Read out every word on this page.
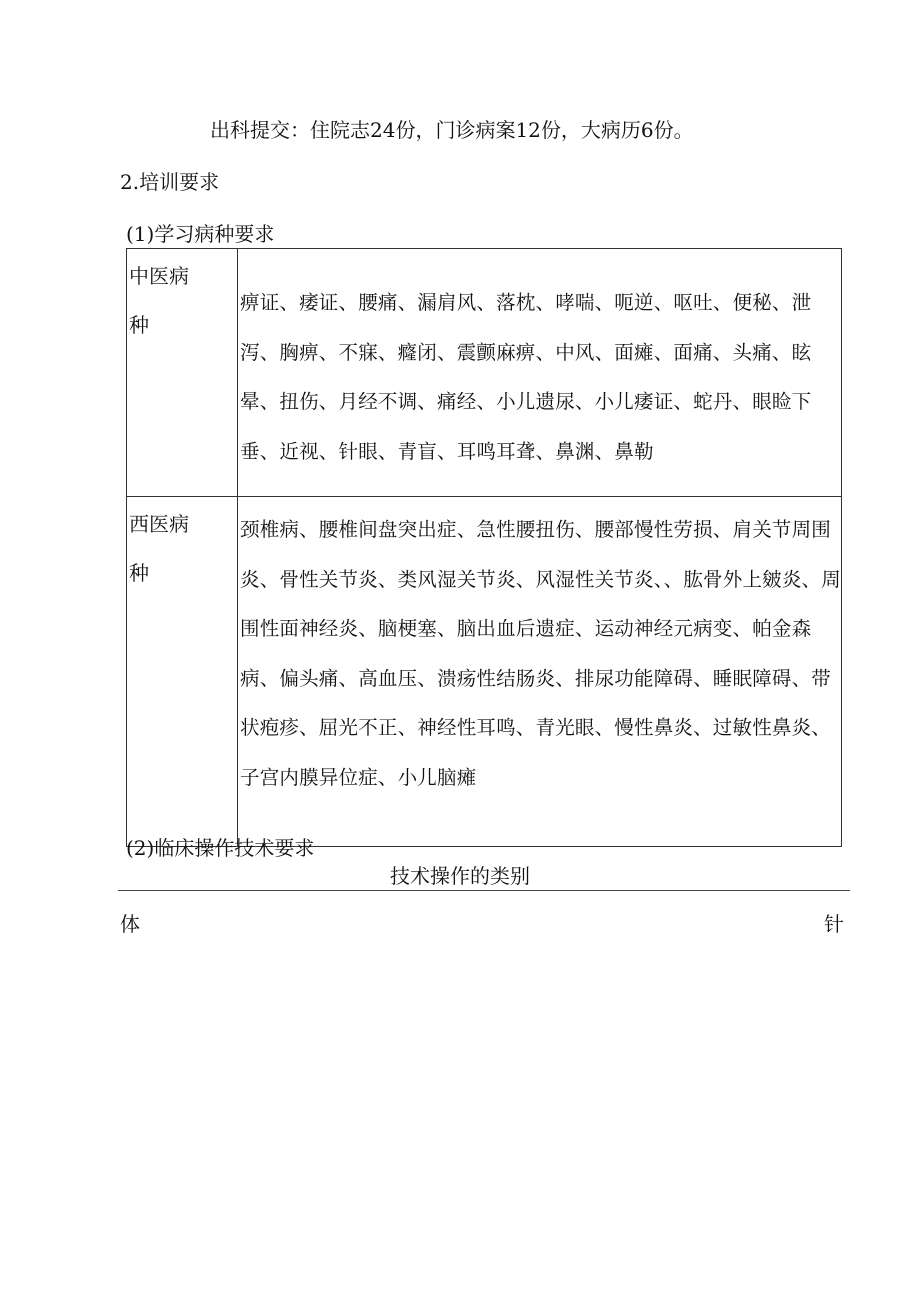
出科提交：住院志24份，门诊病案12份，大病历6份。
2.培训要求
(1)学习病种要求
中医病种	痹证、痿证、腰痛、漏肩风、落枕、哮喘、呃逆、呕吐、便秘、泄泻、胸痹、不寐、癃闭、震颤麻痹、中风、面瘫、面痛、头痛、眩晕、扭伤、月经不调、痛经、小儿遗尿、小儿痿证、蛇丹、眼睑下垂、近视、针眼、青盲、耳鸣耳聋、鼻渊、鼻勒

西医病种	颈椎病、腰椎间盘突出症、急性腰扭伤、腰部慢性劳损、肩关节周围炎、骨性关节炎、类风湿关节炎、风湿性关节炎、、肱骨外上皴炎、周围性面神经炎、脑梗塞、脑出血后遗症、运动神经元病变、帕金森病、偏头痛、高血压、溃疡性结肠炎、排尿功能障碍、睡眠障碍、带状疱疹、屈光不正、神经性耳鸣、青光眼、慢性鼻炎、过敏性鼻炎、子宫内膜异位症、小儿脑瘫
(2)临床操作技术要求
技术操作的类别
体	针
